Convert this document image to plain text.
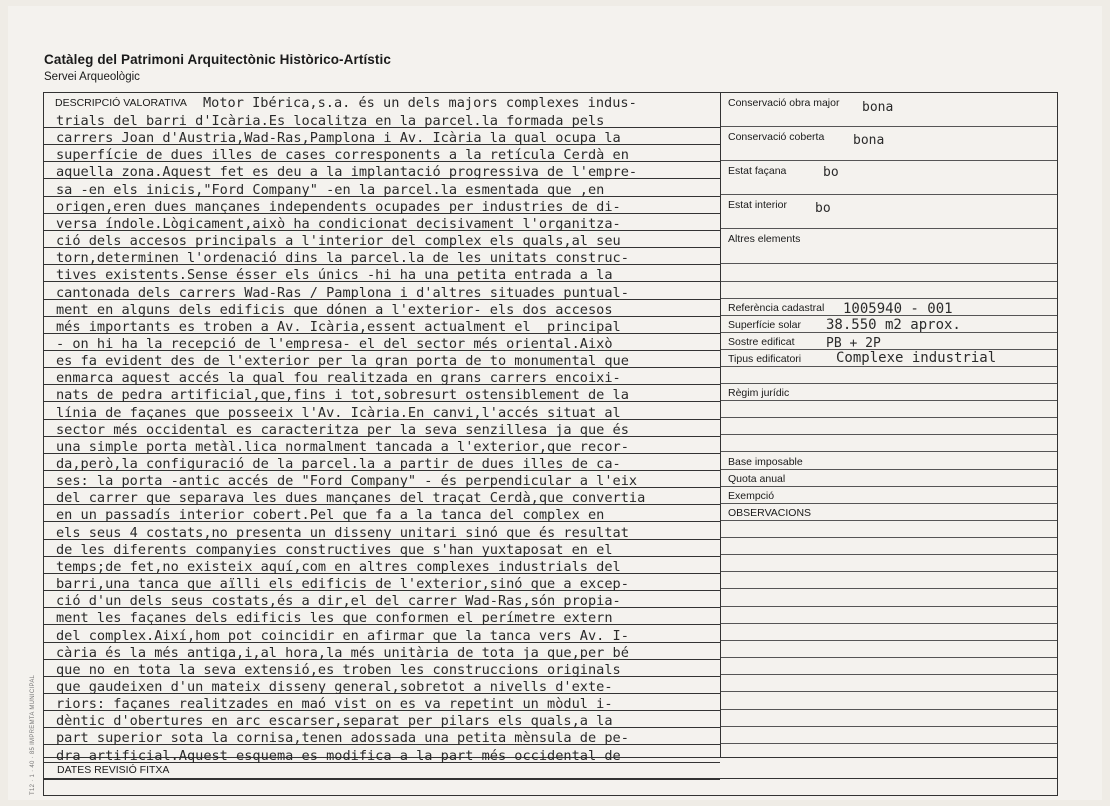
Catàleg del Patrimoni Arquitectònic Històrico-Artístic
Servei Arqueològic
DESCRIPCIÓ VALORATIVA Motor Ibérica,s.a. és un dels majors complexes indus-
trials del barri d'Icària.Es localitza en la parcel.la formada pels
carrers Joan d'Austria,Wad-Ras,Pamplona i Av. Icària la qual ocupa la
superfície de dues illes de cases corresponents a la retícula Cerdà en
aquella zona.Aquest fet es deu a la implantació progressiva de l'empre-
sa -en els inicis,"Ford Company" -en la parcel.la esmentada que ,en
origen,eren dues mançanes independents ocupades per industries de di-
versa índole.Lògicament,això ha condicionat decisivament l'organitza-
ció dels accesos principals a l'interior del complex els quals,al seu
torn,determinen l'ordenació dins la parcel.la de les unitats construc-
tives existents.Sense ésser els únics -hi ha una petita entrada a la
cantonada dels carrers Wad-Ras / Pamplona i d'altres situades puntual-
ment en alguns dels edificis que dónen a l'exterior- els dos accesos
més importants es troben a Av. Icària,essent actualment el  principal
- on hi ha la recepció de l'empresa- el del sector més oriental.Això
es fa evident des de l'exterior per la gran porta de to monumental que
enmarca aquest accés la qual fou realitzada en grans carrers encoixi-
nats de pedra artificial,que,fins i tot,sobresurt ostensiblement de la
línia de façanes que posseeix l'Av. Icària.En canvi,l'accés situat al
sector més occidental es caracteritza per la seva senzillesa ja que és
una simple porta metàl.lica normalment tancada a l'exterior,que recor-
da,però,la configuració de la parcel.la a partir de dues illes de ca-
ses: la porta -antic accés de "Ford Company" - és perpendicular a l'eix
del carrer que separava les dues mançanes del traçat Cerdà,que convertia
en un passadís interior cobert.Pel que fa a la tanca del complex en
els seus 4 costats,no presenta un disseny unitari sinó que és resultat
de les diferents companyies constructives que s'han yuxtaposat en el
temps;de fet,no existeix aquí,com en altres complexes industrials del
barri,una tanca que aïlli els edificis de l'exterior,sinó que a excep-
ció d'un dels seus costats,és a dir,el del carrer Wad-Ras,són propia-
ment les façanes dels edificis les que conformen el perímetre extern
del complex.Així,hom pot coincidir en afirmar que la tanca vers Av. I-
cària és la més antiga,i,al hora,la més unitària de tota ja que,per bé
que no en tota la seva extensió,es troben les construccions originals
que gaudeixen d'un mateix disseny general,sobretot a nivells d'exte-
riors: façanes realitzades en maó vist on es va repetint un mòdul i-
dèntic d'obertures en arc escarser,separat per pilars els quals,a la
part superior sota la cornisa,tenen adossada una petita mènsula de pe-
dra artificial.Aquest esquema es modifica a la part més occidental de
Conservació obra major bona
Conservació coberta bona
Estat façana	bo
Estat interior bo
Altres elements
Referència cadastral 1005940 - 001
Superfície solar 38.550 m2 aprox.
Sostre edificat PB + 2P
Tipus edificatori Complexe industrial
Règim jurídic
Base imposable
Quota anual
Exempció
OBSERVACIONS
DATES REVISIÓ FITXA
T12 · 1 · 40 · 85 IMPREMTA MUNICIPAL
